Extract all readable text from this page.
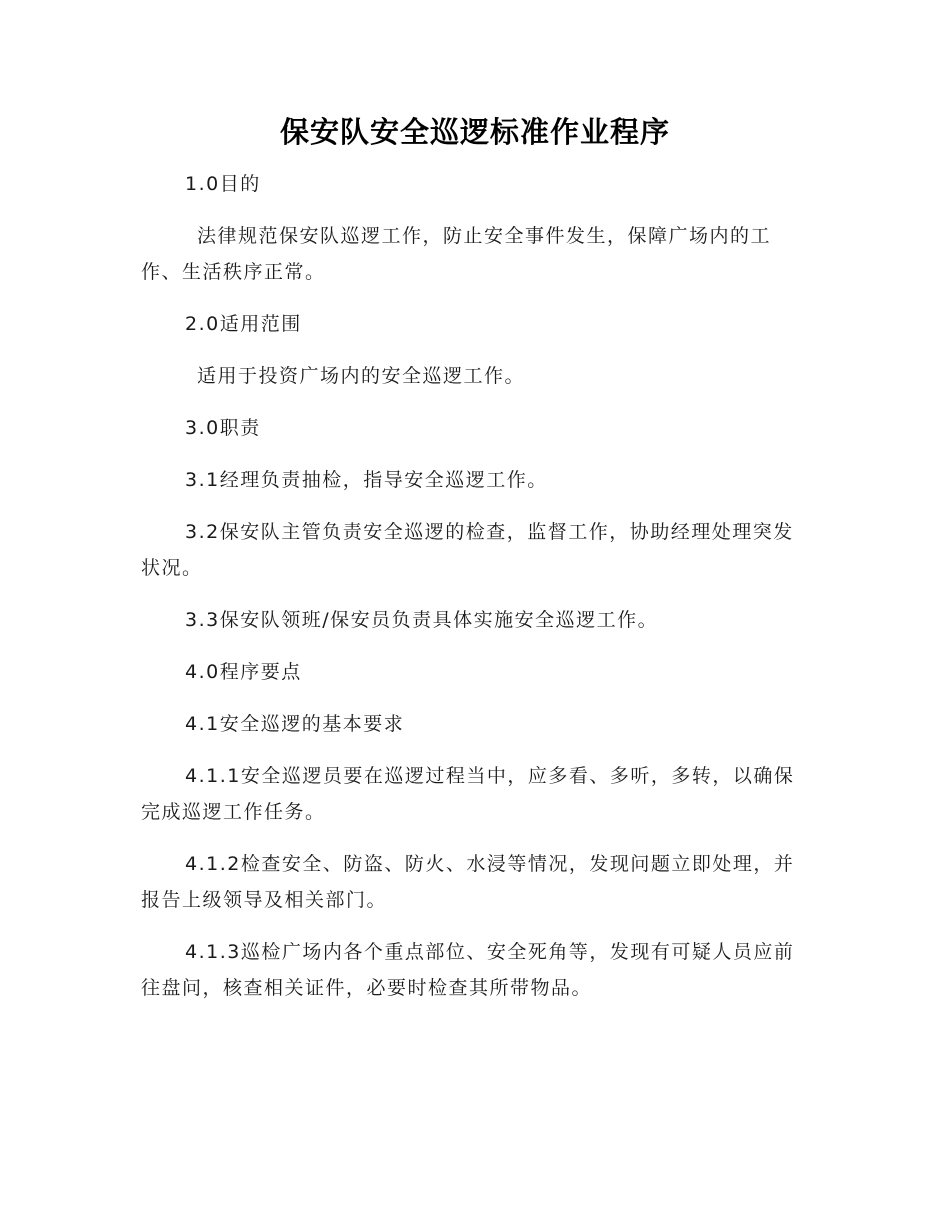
保安队安全巡逻标准作业程序

1.0目的

法律规范保安队巡逻工作，防止安全事件发生，保障广场内的工作、生活秩序正常。

2.0适用范围

适用于投资广场内的安全巡逻工作。

3.0职责

3.1经理负责抽检，指导安全巡逻工作。

3.2保安队主管负责安全巡逻的检查，监督工作，协助经理处理突发状况。

3.3保安队领班/保安员负责具体实施安全巡逻工作。

4.0程序要点

4.1安全巡逻的基本要求

4.1.1安全巡逻员要在巡逻过程当中，应多看、多听，多转，以确保完成巡逻工作任务。

4.1.2检查安全、防盗、防火、水浸等情况，发现问题立即处理，并报告上级领导及相关部门。

4.1.3巡检广场内各个重点部位、安全死角等，发现有可疑人员应前往盘问，核查相关证件，必要时检查其所带物品。
